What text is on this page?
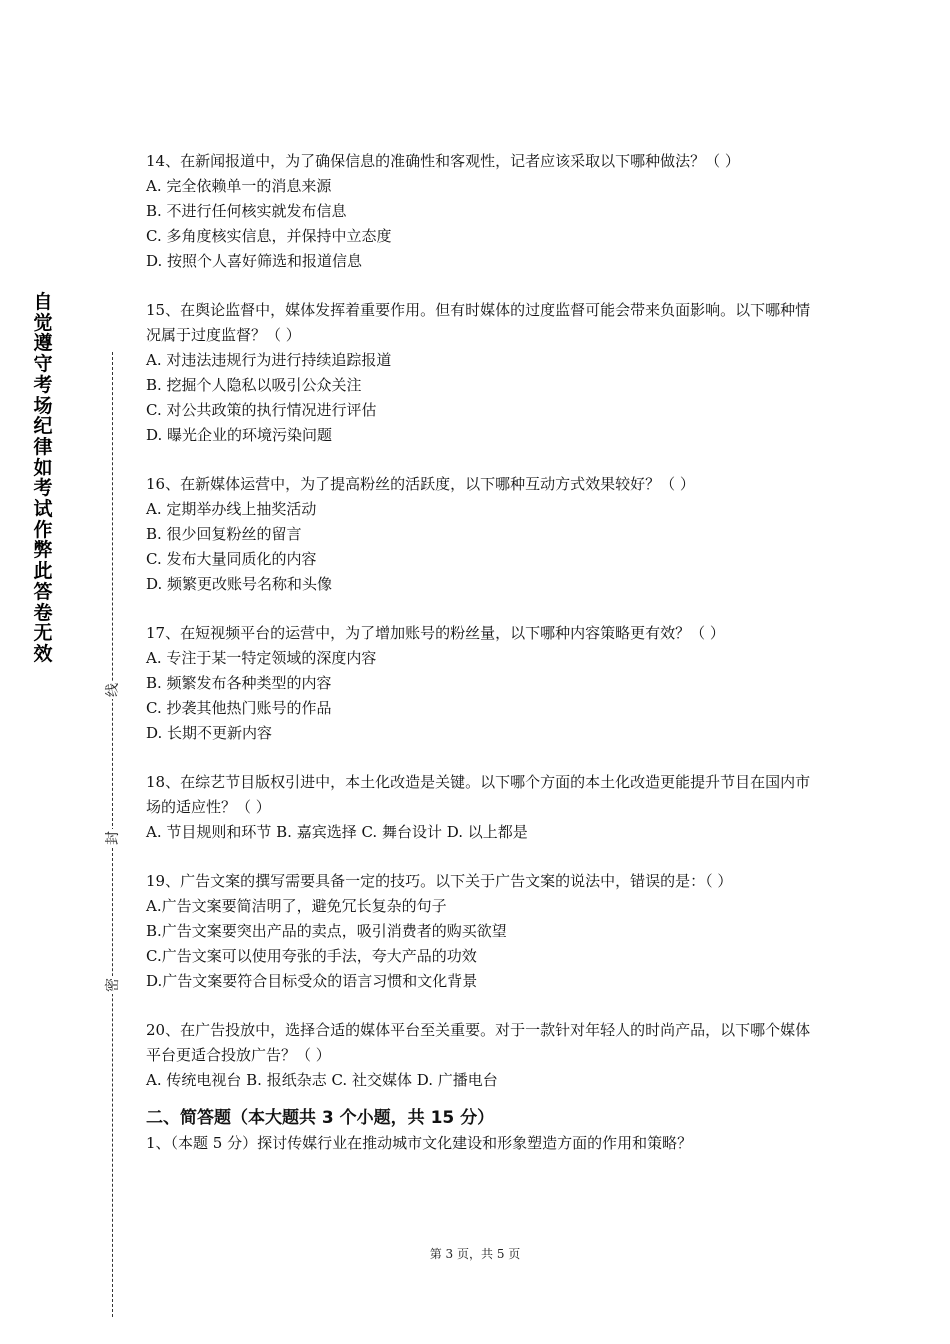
自
觉
遵
守
考
场
纪
律
如
考
试
作
弊
此
答
卷
无
效
线
封
密

14、在新闻报道中，为了确保信息的准确性和客观性，记者应该采取以下哪种做法？（ ）

A. 完全依赖单一的消息来源

B. 不进行任何核实就发布信息

C. 多角度核实信息，并保持中立态度

D. 按照个人喜好筛选和报道信息

15、在舆论监督中，媒体发挥着重要作用。但有时媒体的过度监督可能会带来负面影响。以下哪种情况属于过度监督？（ ）

A. 对违法违规行为进行持续追踪报道

B. 挖掘个人隐私以吸引公众关注

C. 对公共政策的执行情况进行评估

D. 曝光企业的环境污染问题

16、在新媒体运营中，为了提高粉丝的活跃度，以下哪种互动方式效果较好？（ ）

A. 定期举办线上抽奖活动

B. 很少回复粉丝的留言

C. 发布大量同质化的内容

D. 频繁更改账号名称和头像

17、在短视频平台的运营中，为了增加账号的粉丝量，以下哪种内容策略更有效？（ ）

A. 专注于某一特定领域的深度内容

B. 频繁发布各种类型的内容

C. 抄袭其他热门账号的作品

D. 长期不更新内容

18、在综艺节目版权引进中，本土化改造是关键。以下哪个方面的本土化改造更能提升节目在国内市场的适应性？（ ）

A. 节目规则和环节 B. 嘉宾选择 C. 舞台设计 D. 以上都是

19、广告文案的撰写需要具备一定的技巧。以下关于广告文案的说法中，错误的是：（ ）

A.广告文案要简洁明了，避免冗长复杂的句子

B.广告文案要突出产品的卖点，吸引消费者的购买欲望

C.广告文案可以使用夸张的手法，夸大产品的功效

D.广告文案要符合目标受众的语言习惯和文化背景

20、在广告投放中，选择合适的媒体平台至关重要。对于一款针对年轻人的时尚产品，以下哪个媒体平台更适合投放广告？（ ）

A. 传统电视台 B. 报纸杂志 C. 社交媒体 D. 广播电台

二、简答题（本大题共 3 个小题，共 15 分）

1、（本题 5 分）探讨传媒行业在推动城市文化建设和形象塑造方面的作用和策略？

第 3 页，共 5 页
